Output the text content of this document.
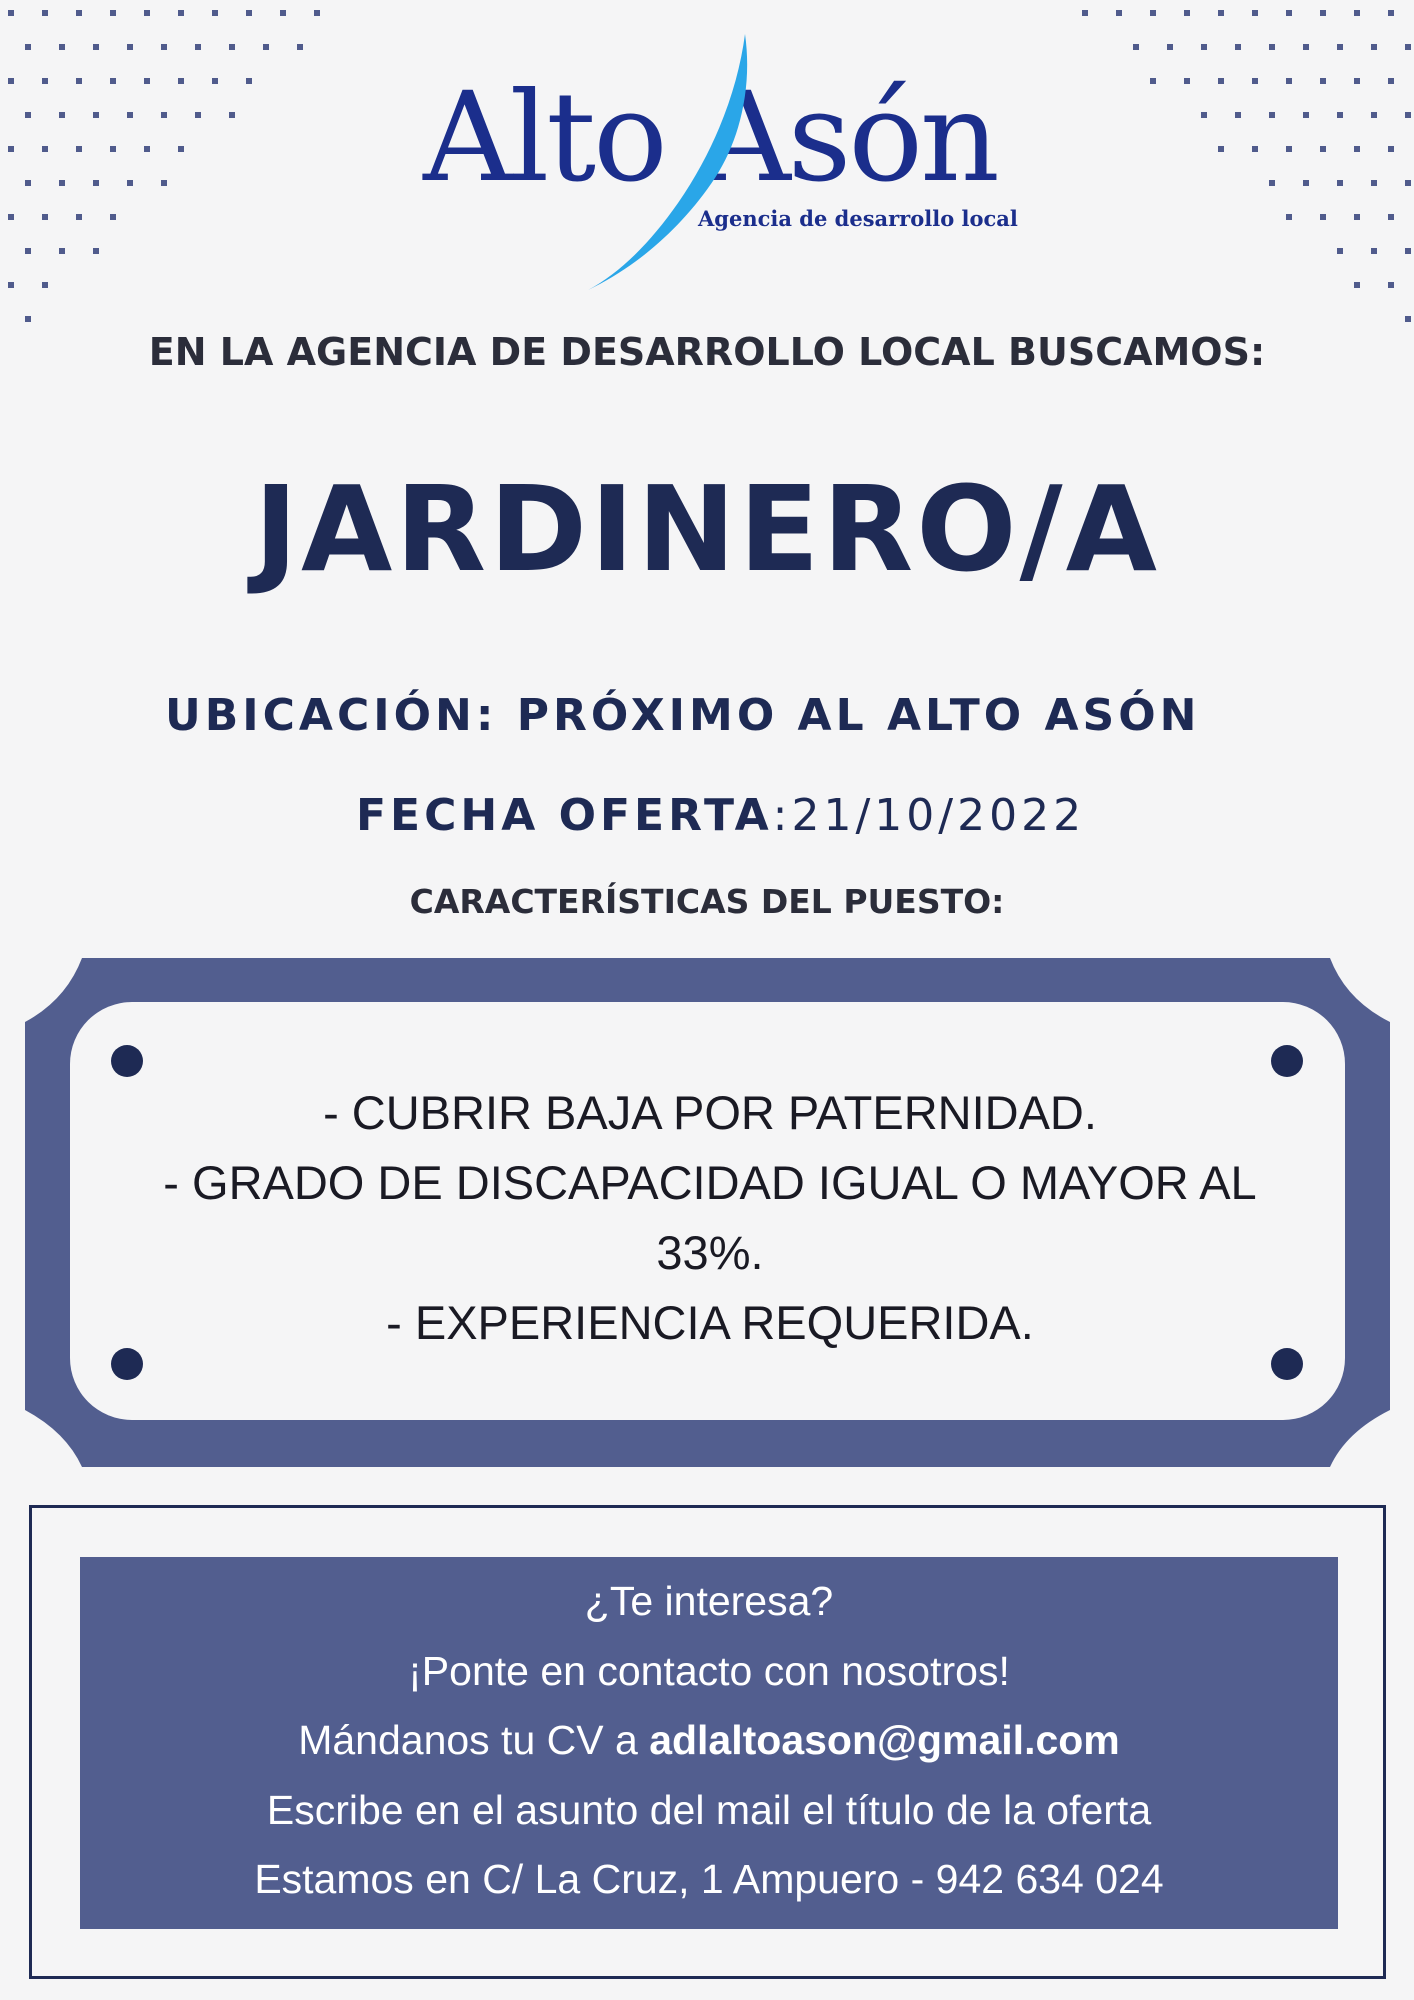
Alto Asón
Agencia de desarrollo local
EN LA AGENCIA DE DESARROLLO LOCAL BUSCAMOS:
JARDINERO/A
UBICACIÓN: PRÓXIMO AL ALTO ASÓN
FECHA OFERTA:21/10/2022
CARACTERÍSTICAS DEL PUESTO:
- CUBRIR BAJA POR PATERNIDAD.
- GRADO DE DISCAPACIDAD IGUAL O MAYOR AL
33%.
- EXPERIENCIA REQUERIDA.
¿Te interesa?
¡Ponte en contacto con nosotros!
Mándanos tu CV a adlaltoason@gmail.com
Escribe en el asunto del mail el título de la oferta
Estamos en C/ La Cruz, 1 Ampuero - 942 634 024
